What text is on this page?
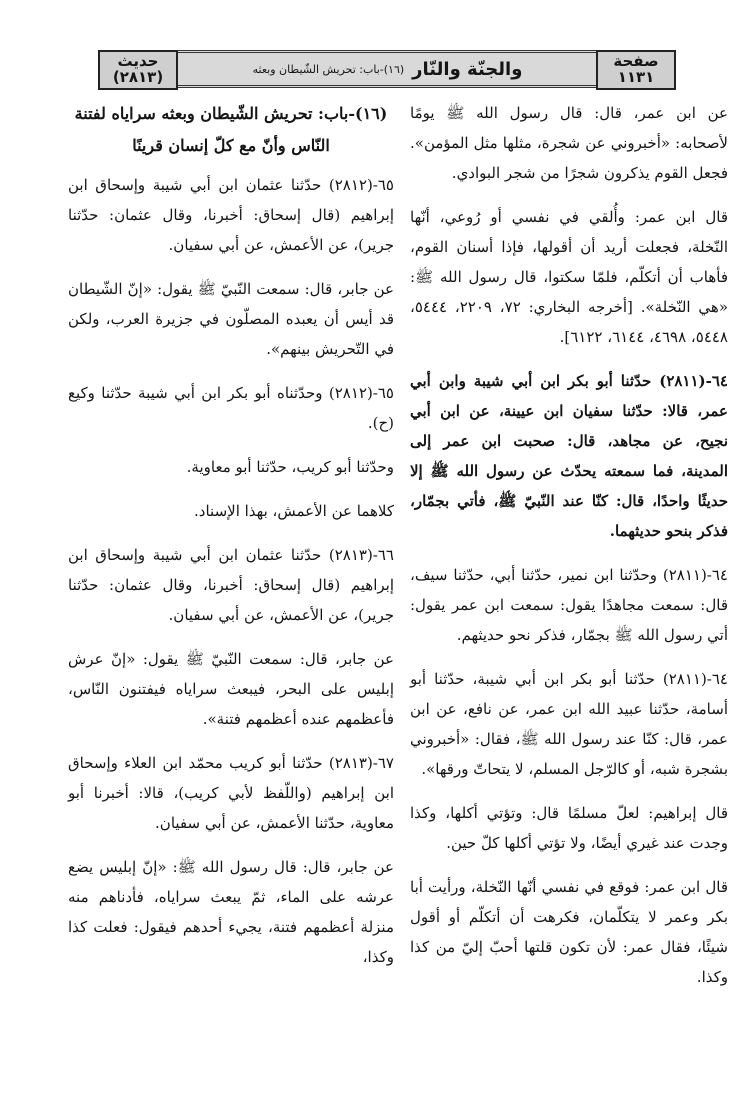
صفحة
١١٣١
والجنّة والنّار
(١٦)-باب: تحريش الشّيطان وبعثه
حديث
(٢٨١٣)

عن ابن عمر، قال: قال رسول الله ﷺ يومًا لأصحابه: «أخبروني عن شجرة، مثلها مثل المؤمن». فجعل القوم يذكرون شجرًا من شجر البوادي.

قال ابن عمر: وأُلقي في نفسي أو رُوعي، أنّها النّخلة، فجعلت أريد أن أقولها، فإذا أسنان القوم، فأهاب أن أتكلّم، فلمّا سكتوا، قال رسول الله ﷺ: «هي النّخلة». [أخرجه البخاري: ٧٢، ٢٢٠٩، ٥٤٤٤، ٥٤٤٨، ٤٦٩٨، ٦١٤٤، ٦١٢٢].

٦٤-(٢٨١١) حدّثنا أبو بكر ابن أبي شيبة وابن أبي عمر، قالا: حدّثنا سفيان ابن عيينة، عن ابن أبي نجيح، عن مجاهد، قال: صحبت ابن عمر إلى المدينة، فما سمعته يحدّث عن رسول الله ﷺ إلا حديثًا واحدًا، قال: كنّا عند النّبيّ ﷺ، فأتي بجمّار، فذكر بنحو حديثهما.

٦٤-(٢٨١١) وحدّثنا ابن نمير، حدّثنا أبي، حدّثنا سيف، قال: سمعت مجاهدًا يقول: سمعت ابن عمر يقول: أتي رسول الله ﷺ بجمّار، فذكر نحو حديثهم.

٦٤-(٢٨١١) حدّثنا أبو بكر ابن أبي شيبة، حدّثنا أبو أسامة، حدّثنا عبيد الله ابن عمر، عن نافع، عن ابن عمر، قال: كنّا عند رسول الله ﷺ، فقال: «أخبروني بشجرة شبه، أو كالرّجل المسلم، لا يتحاتّ ورقها».

قال إبراهيم: لعلّ مسلمًا قال: وتؤتي أكلها، وكذا وجدت عند غيري أيضًا، ولا تؤتي أكلها كلّ حين.

قال ابن عمر: فوقع في نفسي أنّها النّخلة، ورأيت أبا بكر وعمر لا يتكلّمان، فكرهت أن أتكلّم أو أقول شيئًا، فقال عمر: لأن تكون قلتها أحبّ إليّ من كذا وكذا.

(١٦)-باب: تحريش الشّيطان وبعثه سراياه لفتنة النّاس وأنّ مع كلّ إنسان قرينًا

٦٥-(٢٨١٢) حدّثنا عثمان ابن أبي شيبة وإسحاق ابن إبراهيم (قال إسحاق: أخبرنا، وقال عثمان: حدّثنا جرير)، عن الأعمش، عن أبي سفيان.

عن جابر، قال: سمعت النّبيّ ﷺ يقول: «إنّ الشّيطان قد أيس أن يعبده المصلّون في جزيرة العرب، ولكن في التّحريش بينهم».

٦٥-(٢٨١٢) وحدّثناه أبو بكر ابن أبي شيبة حدّثنا وكيع (ح).

وحدّثنا أبو كريب، حدّثنا أبو معاوية.

كلاهما عن الأعمش، بهذا الإسناد.

٦٦-(٢٨١٣) حدّثنا عثمان ابن أبي شيبة وإسحاق ابن إبراهيم (قال إسحاق: أخبرنا، وقال عثمان: حدّثنا جرير)، عن الأعمش، عن أبي سفيان.

عن جابر، قال: سمعت النّبيّ ﷺ يقول: «إنّ عرش إبليس على البحر، فيبعث سراياه فيفتنون النّاس، فأعظمهم عنده أعظمهم فتنة».

٦٧-(٢٨١٣) حدّثنا أبو كريب محمّد ابن العلاء وإسحاق ابن إبراهيم (واللّفظ لأبي كريب)، قالا: أخبرنا أبو معاوية، حدّثنا الأعمش، عن أبي سفيان.

عن جابر، قال: قال رسول الله ﷺ: «إنّ إبليس يضع عرشه على الماء، ثمّ يبعث سراياه، فأدناهم منه منزلة أعظمهم فتنة، يجيء أحدهم فيقول: فعلت كذا وكذا،
